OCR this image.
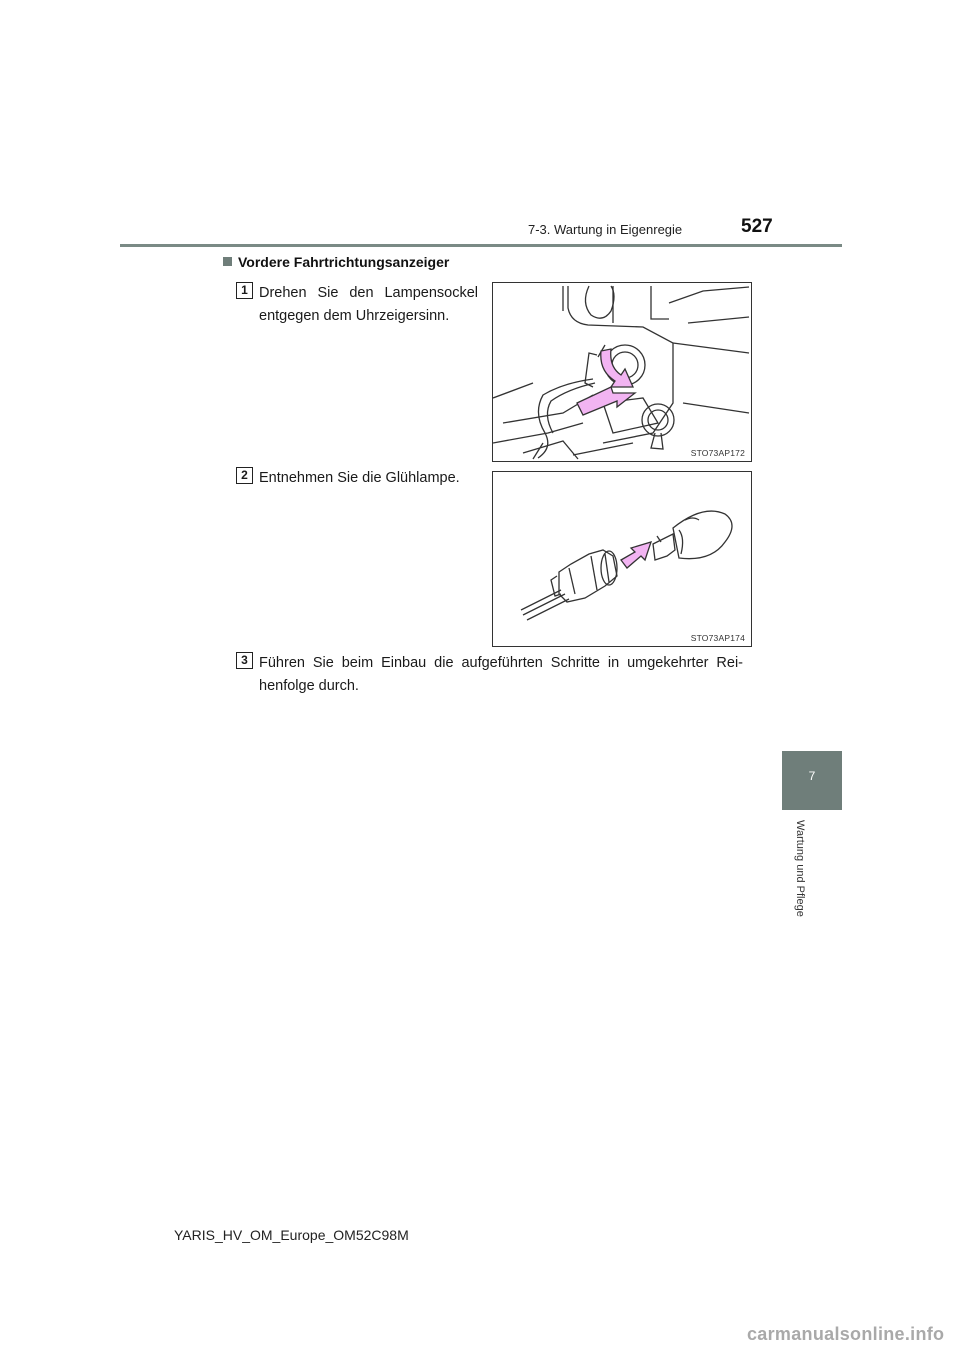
7-3. Wartung in Eigenregie	527
7
Wartung und Pflege
Vordere Fahrtrichtungsanzeiger
1 Drehen Sie den Lampensockel
entgegen dem Uhrzeigersinn.
STO73AP172
2 Entnehmen Sie die Glühlampe.
STO73AP174
3 Führen Sie beim Einbau die aufgeführten Schritte in umgekehrter Rei-
henfolge durch.
YARIS_HV_OM_Europe_OM52C98M
carmanualsonline.info
